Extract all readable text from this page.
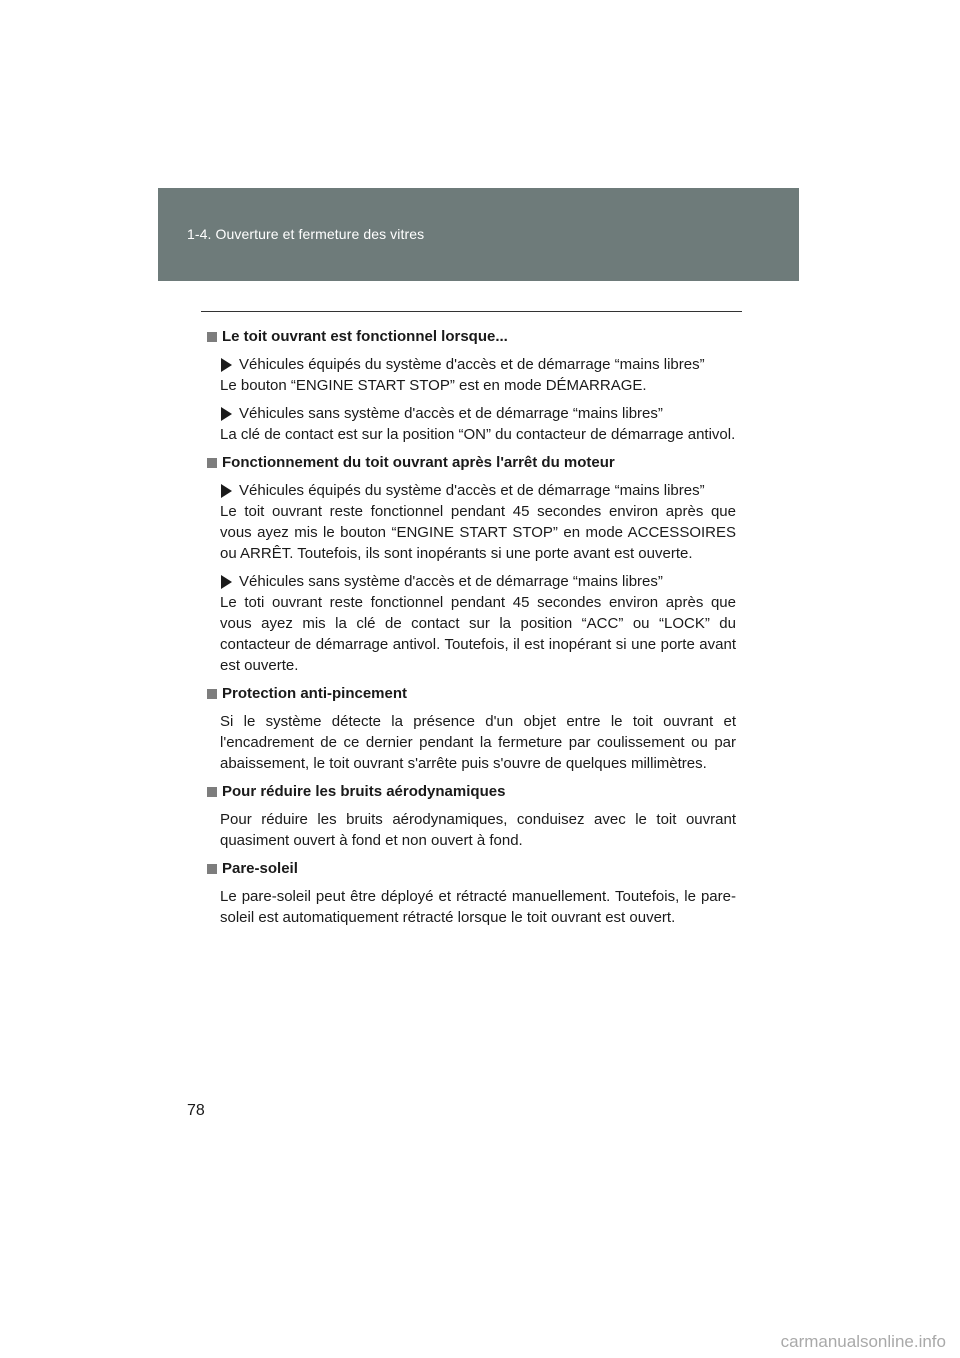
1-4. Ouverture et fermeture des vitres
Le toit ouvrant est fonctionnel lorsque...
Véhicules équipés du système d'accès et de démarrage “mains libres”

Le bouton “ENGINE START STOP” est en mode DÉMARRAGE.

Véhicules sans système d'accès et de démarrage “mains libres”

La clé de contact est sur la position “ON” du contacteur de démarrage antivol.

Fonctionnement du toit ouvrant après l'arrêt du moteur
Véhicules équipés du système d'accès et de démarrage “mains libres”

Le toit ouvrant reste fonctionnel pendant 45 secondes environ après que vous ayez mis le bouton “ENGINE START STOP” en mode ACCESSOIRES ou ARRÊT. Toutefois, ils sont inopérants si une porte avant est ouverte.

Véhicules sans système d'accès et de démarrage “mains libres”

Le toti ouvrant reste fonctionnel pendant 45 secondes environ après que vous ayez mis la clé de contact sur la position “ACC” ou “LOCK” du contacteur de démarrage antivol. Toutefois, il est inopérant si une porte avant est ouverte.

Protection anti-pincement

Si le système détecte la présence d'un objet entre le toit ouvrant et l'encadrement de ce dernier pendant la fermeture par coulissement ou par abaissement, le toit ouvrant s'arrête puis s'ouvre de quelques millimètres.

Pour réduire les bruits aérodynamiques

Pour réduire les bruits aérodynamiques, conduisez avec le toit ouvrant quasiment ouvert à fond et non ouvert à fond.

Pare-soleil

Le pare-soleil peut être déployé et rétracté manuellement. Toutefois, le pare-soleil est automatiquement rétracté lorsque le toit ouvrant est ouvert.

78
carmanualsonline.info
